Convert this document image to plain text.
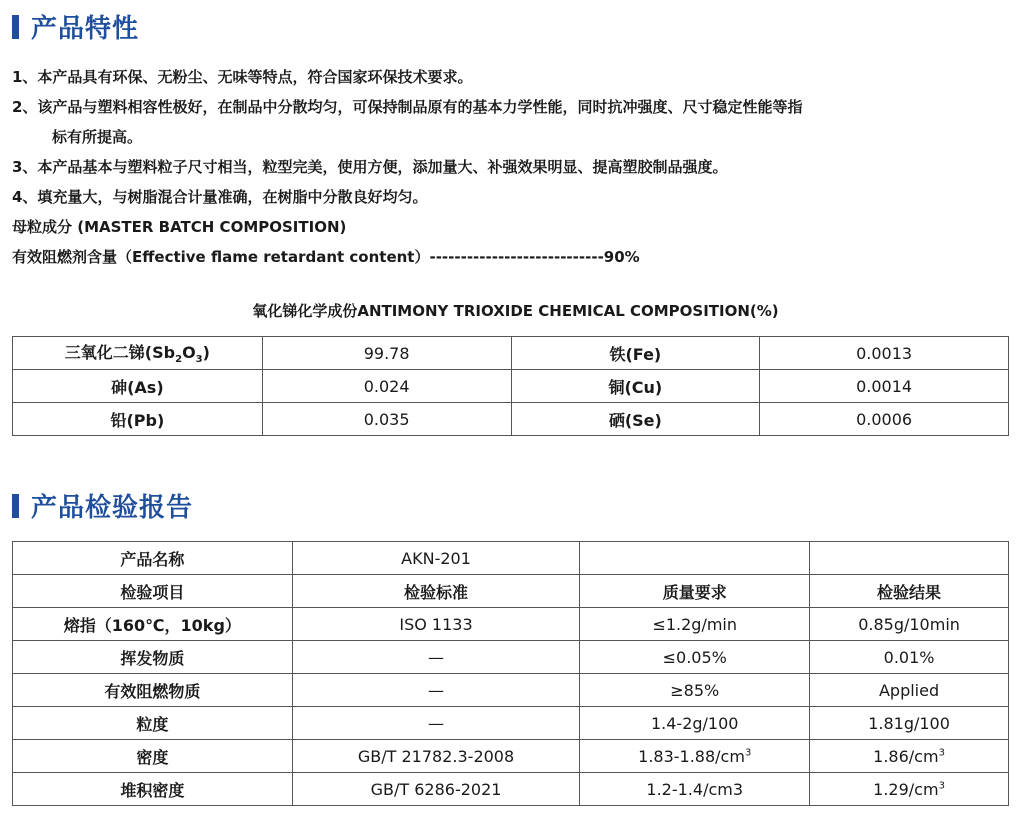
产品特性

1、本产品具有环保、无粉尘、无味等特点，符合国家环保技术要求。

2、该产品与塑料相容性极好，在制品中分散均匀，可保持制品原有的基本力学性能，同时抗冲强度、尺寸稳定性能等指

标有所提高。

3、本产品基本与塑料粒子尺寸相当，粒型完美，使用方便，添加量大、补强效果明显、提高塑胶制品强度。

4、填充量大，与树脂混合计量准确，在树脂中分散良好均匀。

母粒成分 (MASTER BATCH COMPOSITION)

有效阻燃剂含量（Effective flame retardant content）----------------------------90%

氧化锑化学成份ANTIMONY TRIOXIDE CHEMICAL COMPOSITION(%)
三氧化二锑$(Sb_2O_3)$	99.78	铁(Fe)	0.0013
砷(As)	0.024	铜(Cu)	0.0014
铅(Pb)	0.035	硒(Se)	0.0006
产品检验报告
产品名称	AKN-201		
检验项目	检验标准	质量要求	检验结果
熔指（160℃，10kg）	ISO 1133	≤1.2g/min	0.85g/10min
挥发物质	—	≤0.05%	0.01%
有效阻燃物质	—	≥85%	Applied
粒度	—	1.4-2g/100	1.81g/100
密度	GB/T 21782.3-2008	$1.83-1.88/cm^3$	$1.86/cm^3$
堆积密度	GB/T 6286-2021	1.2-1.4/cm3	$1.29/cm^3$
